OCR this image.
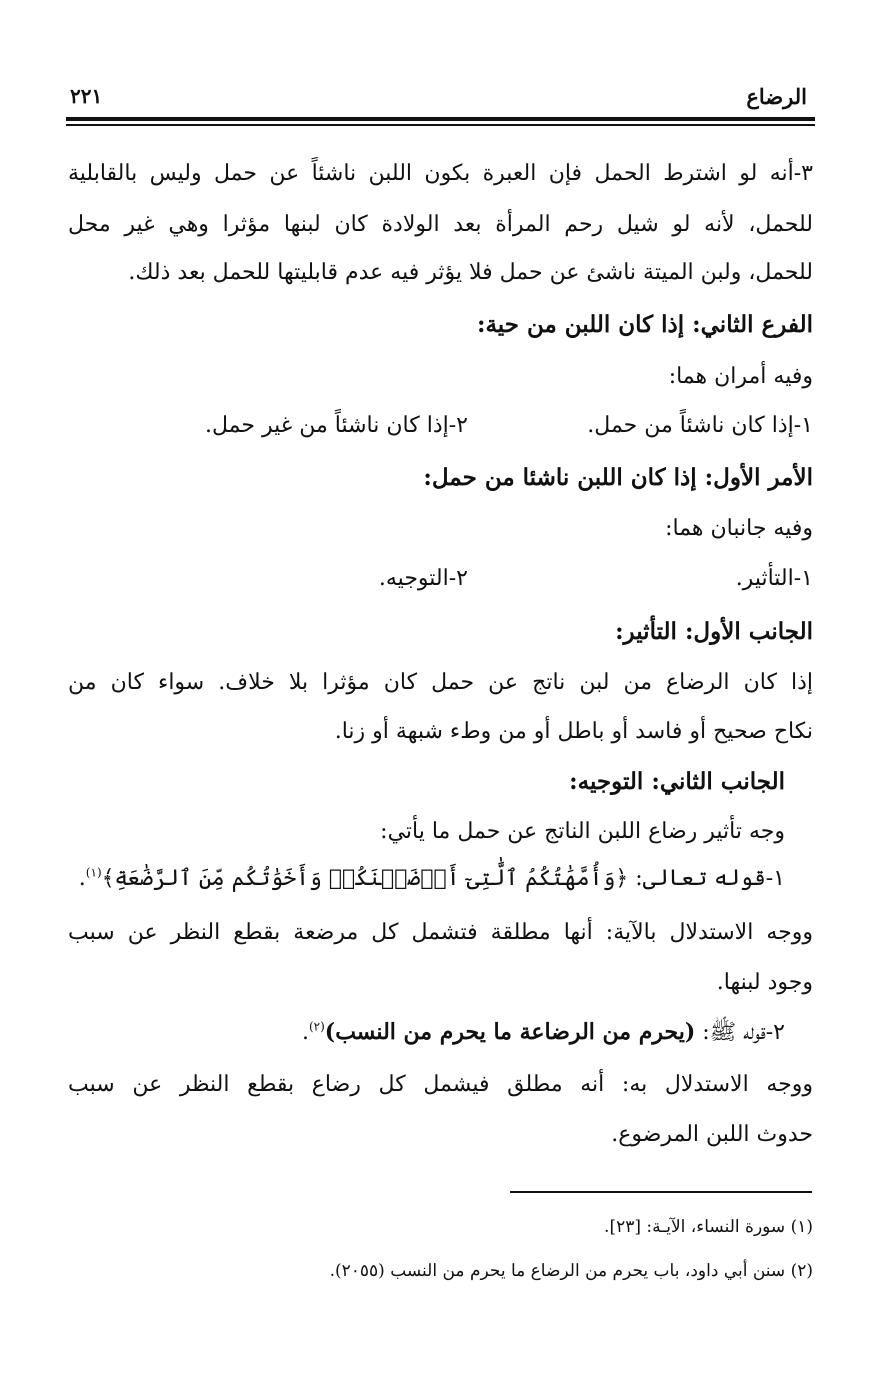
الرضاع
٢٢١
٣-أنه لو اشترط الحمل فإن العبرة بكون اللبن ناشئاً عن حمل وليس بالقابلية
للحمل، لأنه لو شيل رحم المرأة بعد الولادة كان لبنها مؤثرا وهي غير محل
للحمل، ولبن الميتة ناشئ عن حمل فلا يؤثر فيه عدم قابليتها للحمل بعد ذلك.
الفرع الثاني: إذا كان اللبن من حية:
وفيه أمران هما:
١-إذا كان ناشئاً من حمل.
٢-إذا كان ناشئاً من غير حمل.
الأمر الأول: إذا كان اللبن ناشئا من حمل:
وفيه جانبان هما:
١-التأثير.
٢-التوجيه.
الجانب الأول: التأثير:
إذا كان الرضاع من لبن ناتج عن حمل كان مؤثرا بلا خلاف. سواء كان من
نكاح صحيح أو فاسد أو باطل أو من وطء شبهة أو زنا.
الجانب الثاني: التوجيه:
وجه تأثير رضاع اللبن الناتج عن حمل ما يأتي:
١-قوله تعالى: ﴿وَأُمَّهَٰتُكُمُ ٱلَّٰتِىٓ أَرۡضَعۡنَكُمۡ وَأَخَوَٰتُكُم مِّنَ ٱلرَّضَٰعَةِ﴾$^{(١)}$.
ووجه الاستدلال بالآية: أنها مطلقة فتشمل كل مرضعة بقطع النظر عن سبب
وجود لبنها.
٢-قوله ﷺ: (يحرم من الرضاعة ما يحرم من النسب)$^{(٢)}$.
ووجه الاستدلال به: أنه مطلق فيشمل كل رضاع بقطع النظر عن سبب
حدوث اللبن المرضوع.
(١) سورة النساء، الآيـة: [٢٣].
(٢) سنن أبي داود، باب يحرم من الرضاع ما يحرم من النسب (٢٠٥٥).
